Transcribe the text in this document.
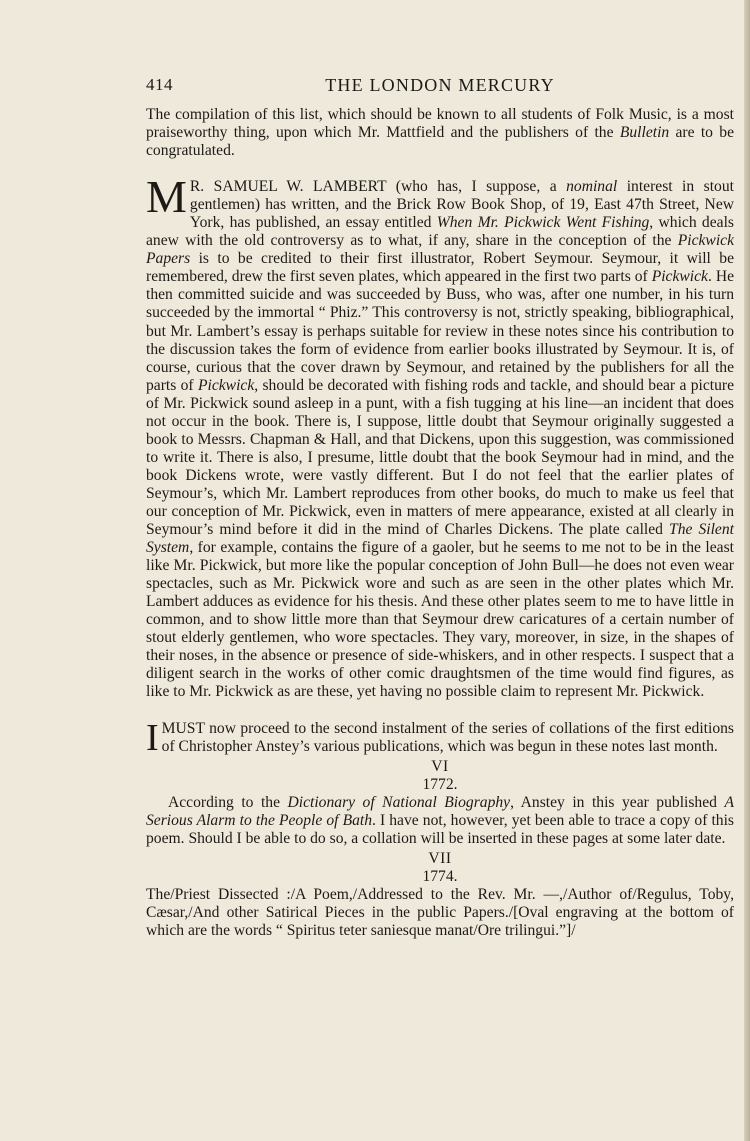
414	THE LONDON MERCURY

The compilation of this list, which should be known to all students of Folk Music, is a most praiseworthy thing, upon which Mr. Mattfield and the publishers of the Bulletin are to be congratulated.

M R. SAMUEL W. LAMBERT (who has, I suppose, a nominal interest in stout gentlemen) has written, and the Brick Row Book Shop, of 19, East 47th Street, New York, has published, an essay entitled When Mr. Pickwick Went Fishing, which deals anew with the old controversy as to what, if any, share in the conception of the Pickwick Papers is to be credited to their first illustrator, Robert Seymour. Seymour, it will be remembered, drew the first seven plates, which appeared in the first two parts of Pickwick. He then committed suicide and was succeeded by Buss, who was, after one number, in his turn succeeded by the immortal “ Phiz.” This controversy is not, strictly speaking, bibliographical, but Mr. Lambert’s essay is perhaps suitable for review in these notes since his contribution to the discussion takes the form of evidence from earlier books illustrated by Seymour. It is, of course, curious that the cover drawn by Seymour, and retained by the publishers for all the parts of Pickwick, should be decorated with fishing rods and tackle, and should bear a picture of Mr. Pickwick sound asleep in a punt, with a fish tugging at his line—an incident that does not occur in the book. There is, I suppose, little doubt that Seymour originally suggested a book to Messrs. Chapman & Hall, and that Dickens, upon this suggestion, was commissioned to write it. There is also, I presume, little doubt that the book Seymour had in mind, and the book Dickens wrote, were vastly different. But I do not feel that the earlier plates of Seymour’s, which Mr. Lambert reproduces from other books, do much to make us feel that our conception of Mr. Pickwick, even in matters of mere appearance, existed at all clearly in Seymour’s mind before it did in the mind of Charles Dickens. The plate called The Silent System, for example, contains the figure of a gaoler, but he seems to me not to be in the least like Mr. Pickwick, but more like the popular conception of John Bull—he does not even wear spectacles, such as Mr. Pickwick wore and such as are seen in the other plates which Mr. Lambert adduces as evidence for his thesis. And these other plates seem to me to have little in common, and to show little more than that Seymour drew caricatures of a certain number of stout elderly gentlemen, who wore spectacles. They vary, moreover, in size, in the shapes of their noses, in the absence or presence of side-whiskers, and in other respects. I suspect that a diligent search in the works of other comic draughtsmen of the time would find figures, as like to Mr. Pickwick as are these, yet having no possible claim to represent Mr. Pickwick.

I MUST now proceed to the second instalment of the series of collations of the first editions of Christopher Anstey’s various publications, which was begun in these notes last month.

VI
1772.

According to the Dictionary of National Biography, Anstey in this year published A Serious Alarm to the People of Bath. I have not, however, yet been able to trace a copy of this poem. Should I be able to do so, a collation will be inserted in these pages at some later date.

VII
1774.

The/Priest Dissected :/A Poem,/Addressed to the Rev. Mr. —,/Author of/Regulus, Toby, Cæsar,/And other Satirical Pieces in the public Papers./[Oval engraving at the bottom of which are the words “ Spiritus teter saniesque manat/Ore trilingui.”]/
